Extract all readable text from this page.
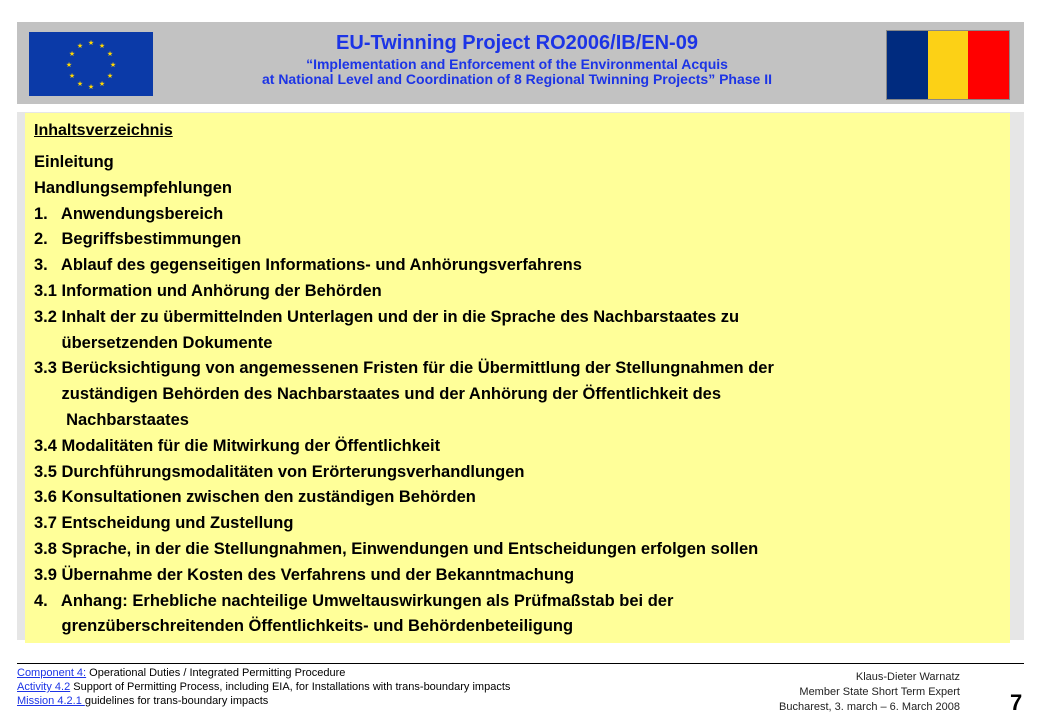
★ ★
★
★
★
★
★
★
★
★
★
★	EU-Twinning Project RO2006/IB/EN-09
“Implementation and Enforcement of the Environmental Acquis
at National Level and Coordination of 8 Regional Twinning Projects” Phase II
Inhaltsverzeichnis
Einleitung
Handlungsempfehlungen
1.   Anwendungsbereich
2.   Begriffsbestimmungen
3.   Ablauf des gegenseitigen Informations- und Anhörungsverfahrens
3.1 Information und Anhörung der Behörden
3.2 Inhalt der zu übermittelnden Unterlagen und der in die Sprache des Nachbarstaates zu
übersetzenden Dokumente
3.3 Berücksichtigung von angemessenen Fristen für die Übermittlung der Stellungnahmen der
zuständigen Behörden des Nachbarstaates und der Anhörung der Öffentlichkeit des
Nachbarstaates
3.4 Modalitäten für die Mitwirkung der Öffentlichkeit
3.5 Durchführungsmodalitäten von Erörterungsverhandlungen
3.6 Konsultationen zwischen den zuständigen Behörden
3.7 Entscheidung und Zustellung
3.8 Sprache, in der die Stellungnahmen, Einwendungen und Entscheidungen erfolgen sollen
3.9 Übernahme der Kosten des Verfahrens und der Bekanntmachung
4.   Anhang: Erhebliche nachteilige Umweltauswirkungen als Prüfmaßstab bei der
grenzüberschreitenden Öffentlichkeits- und Behördenbeteiligung
Component 4: Operational Duties / Integrated Permitting Procedure
Activity 4.2 Support of Permitting Process, including EIA, for Installations with trans-boundary impacts
Mission 4.2.1 guidelines for trans-boundary impacts
Klaus-Dieter Warnatz
Member State Short Term Expert
Bucharest, 3. march – 6. March 2008 7
